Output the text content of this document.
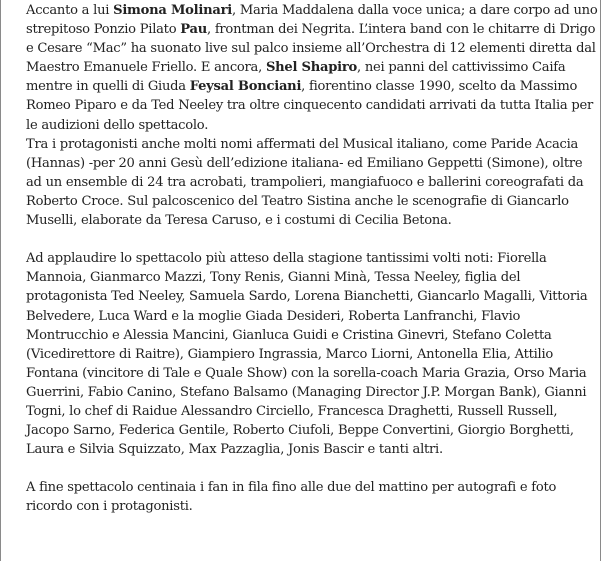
Accanto a lui Simona Molinari, Maria Maddalena dalla voce unica; a dare corpo ad uno strepitoso Ponzio Pilato Pau, frontman dei Negrita. L’intera band con le chitarre di Drigo e Cesare “Mac” ha suonato live sul palco insieme all’Orchestra di 12 elementi diretta dal Maestro Emanuele Friello. E ancora, Shel Shapiro, nei panni del cattivissimo Caifa mentre in quelli di Giuda Feysal Bonciani, fiorentino classe 1990, scelto da Massimo Romeo Piparo e da Ted Neeley tra oltre cinquecento candidati arrivati da tutta Italia per le audizioni dello spettacolo.

Tra i protagonisti anche molti nomi affermati del Musical italiano, come Paride Acacia (Hannas) -per 20 anni Gesù dell’edizione italiana- ed Emiliano Geppetti (Simone), oltre ad un ensemble di 24 tra acrobati, trampolieri, mangiafuoco e ballerini coreografati da Roberto Croce. Sul palcoscenico del Teatro Sistina anche le scenografie di Giancarlo Muselli, elaborate da Teresa Caruso, e i costumi di Cecilia Betona.

Ad applaudire lo spettacolo più atteso della stagione tantissimi volti noti: Fiorella Mannoia, Gianmarco Mazzi, Tony Renis, Gianni Minà, Tessa Neeley, figlia del protagonista Ted Neeley, Samuela Sardo, Lorena Bianchetti, Giancarlo Magalli, Vittoria Belvedere, Luca Ward e la moglie Giada Desideri, Roberta Lanfranchi, Flavio Montrucchio e Alessia Mancini, Gianluca Guidi e Cristina Ginevri, Stefano Coletta (Vicedirettore di Raitre), Giampiero Ingrassia, Marco Liorni, Antonella Elia, Attilio Fontana (vincitore di Tale e Quale Show) con la sorella-coach Maria Grazia, Orso Maria Guerrini, Fabio Canino, Stefano Balsamo (Managing Director J.P. Morgan Bank), Gianni Togni, lo chef di Raidue Alessandro Circiello, Francesca Draghetti, Russell Russell, Jacopo Sarno, Federica Gentile, Roberto Ciufoli, Beppe Convertini, Giorgio Borghetti, Laura e Silvia Squizzato, Max Pazzaglia, Jonis Bascir e tanti altri.

A fine spettacolo centinaia i fan in fila fino alle due del mattino per autografi e foto ricordo con i protagonisti.
